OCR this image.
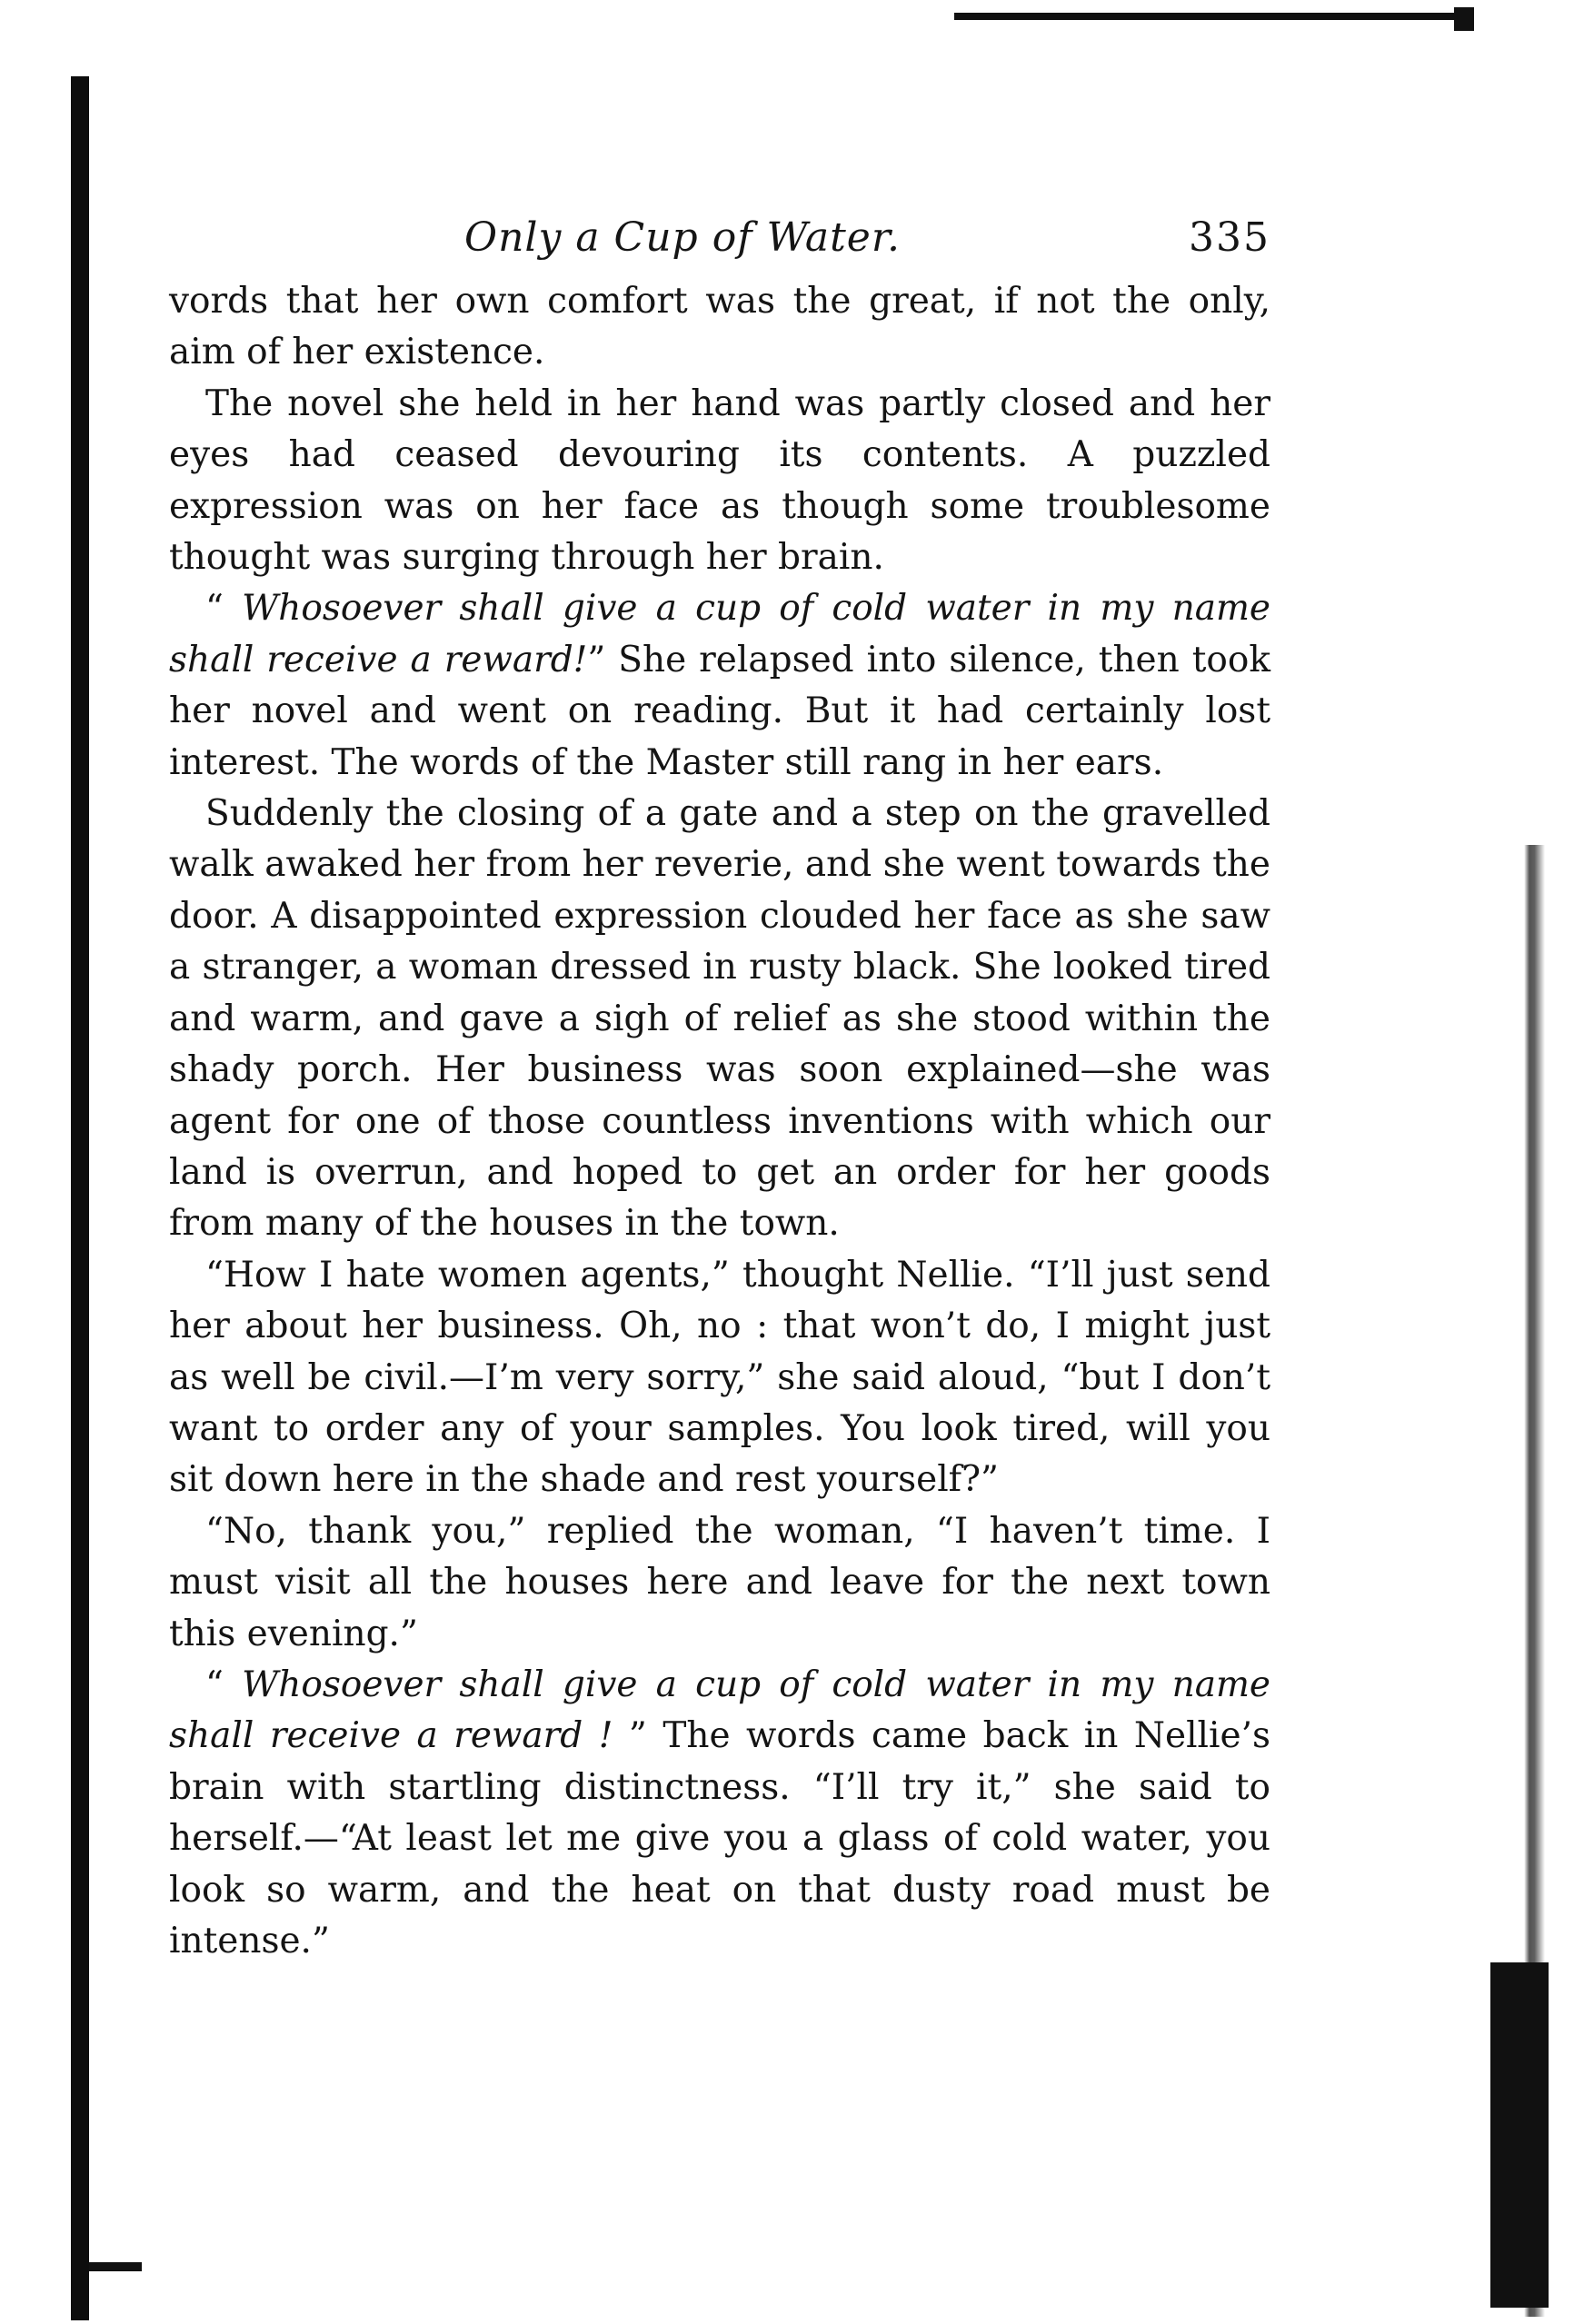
Only a Cup of Water.	335

vords that her own comfort was the great, if not the only, aim of her existence.

The novel she held in her hand was partly closed and her eyes had ceased devouring its contents. A puzzled expression was on her face as though some troublesome thought was surging through her brain.

“ Whosoever shall give a cup of cold water in my name shall receive a reward!” She relapsed into silence, then took her novel and went on reading. But it had certainly lost interest. The words of the Master still rang in her ears.

Suddenly the closing of a gate and a step on the gravelled walk awaked her from her reverie, and she went towards the door. A disappointed expression clouded her face as she saw a stranger, a woman dressed in rusty black. She looked tired and warm, and gave a sigh of relief as she stood within the shady porch. Her business was soon explained—she was agent for one of those countless inventions with which our land is overrun, and hoped to get an order for her goods from many of the houses in the town.

“How I hate women agents,” thought Nellie. “I’ll just send her about her business. Oh, no : that won’t do, I might just as well be civil.—I’m very sorry,” she said aloud, “but I don’t want to order any of your samples. You look tired, will you sit down here in the shade and rest yourself?”

“No, thank you,” replied the woman, “I haven’t time. I must visit all the houses here and leave for the next town this evening.”

“ Whosoever shall give a cup of cold water in my name shall receive a reward ! ” The words came back in Nellie’s brain with startling distinctness. “I’ll try it,” she said to herself.—“At least let me give you a glass of cold water, you look so warm, and the heat on that dusty road must be intense.”
